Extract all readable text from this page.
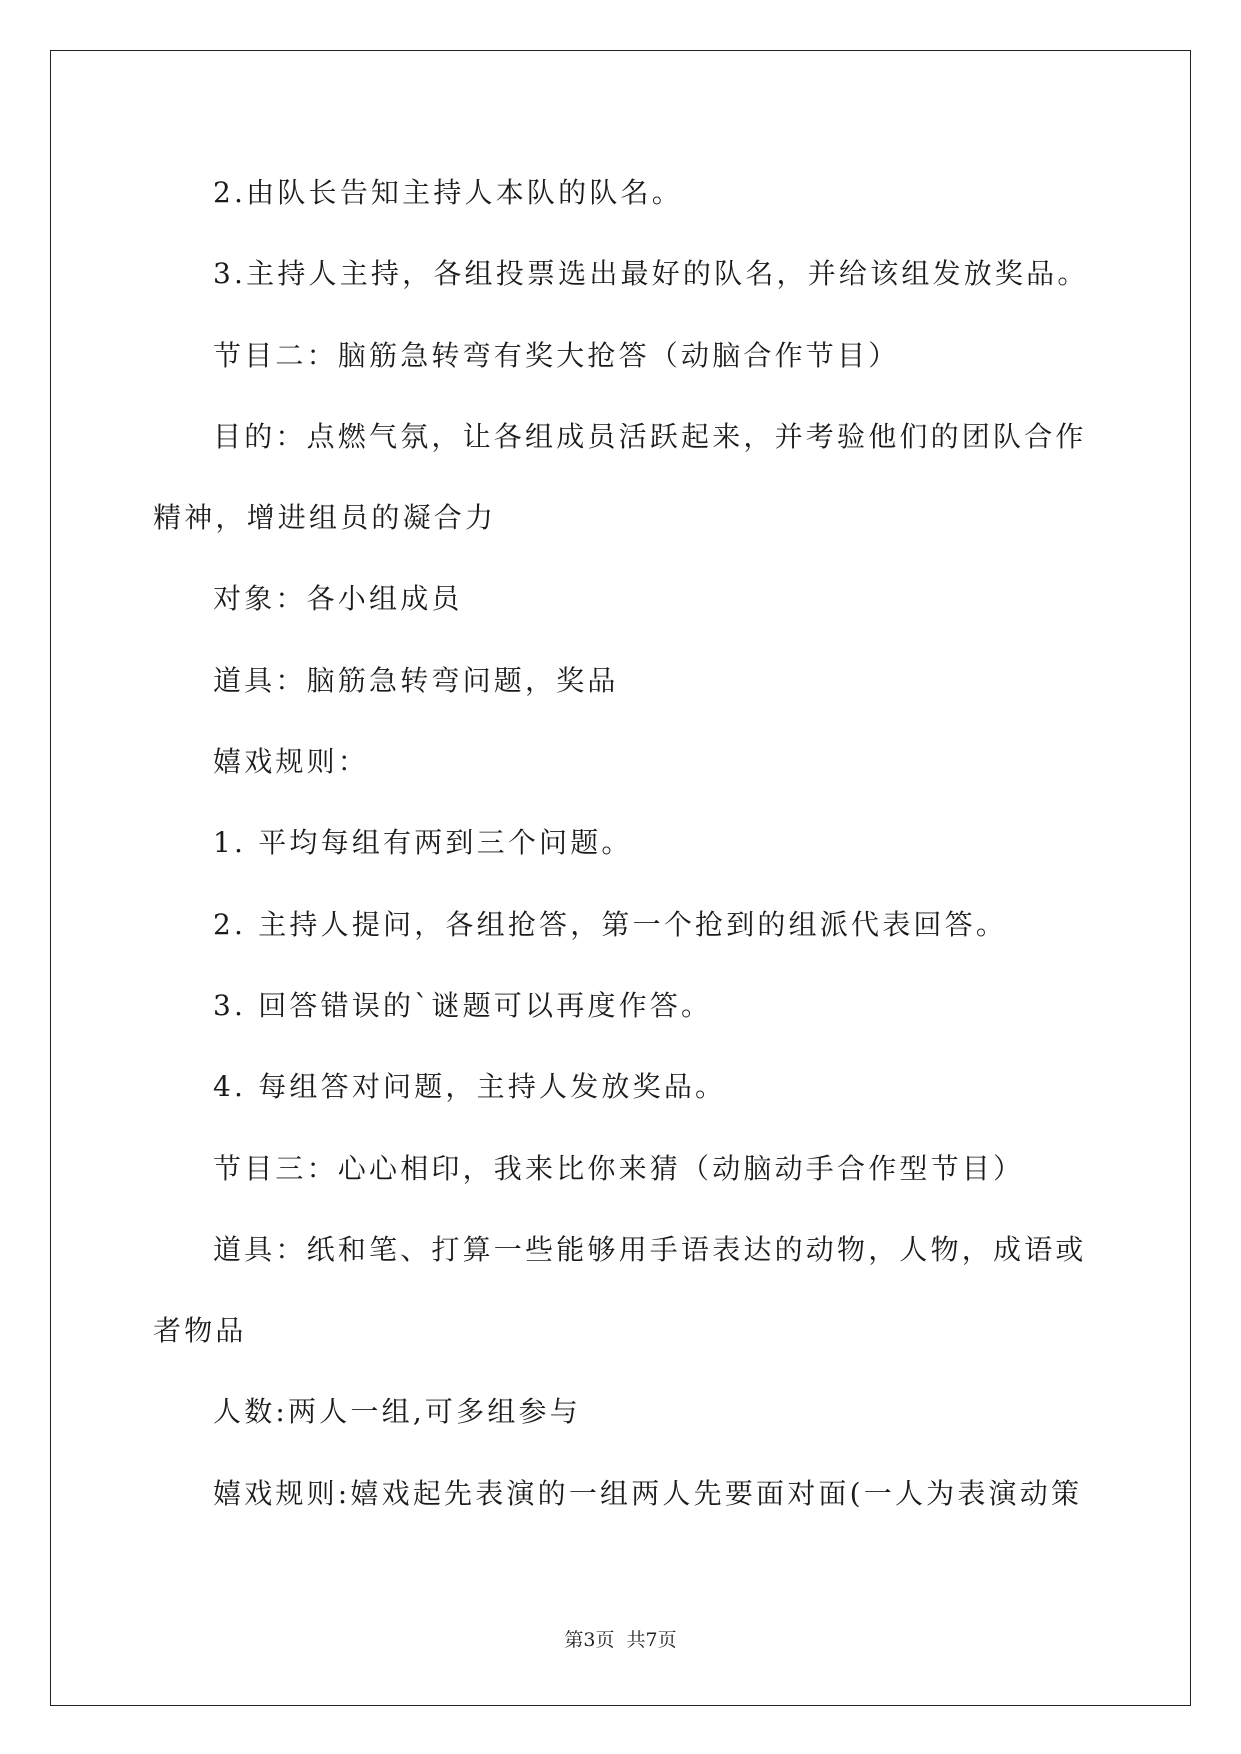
2.由队长告知主持人本队的队名。
3.主持人主持，各组投票选出最好的队名，并给该组发放奖品。
节目二：脑筋急转弯有奖大抢答（动脑合作节目）
目的：点燃气氛，让各组成员活跃起来，并考验他们的团队合作
精神，增进组员的凝合力
对象：各小组成员
道具：脑筋急转弯问题，奖品
嬉戏规则：
1. 平均每组有两到三个问题。
2. 主持人提问，各组抢答，第一个抢到的组派代表回答。
3. 回答错误的`谜题可以再度作答。
4. 每组答对问题，主持人发放奖品。
节目三：心心相印，我来比你来猜（动脑动手合作型节目）
道具：纸和笔、打算一些能够用手语表达的动物，人物，成语或
者物品
人数:两人一组,可多组参与
嬉戏规则:嬉戏起先表演的一组两人先要面对面(一人为表演动策
第3页  共7页
